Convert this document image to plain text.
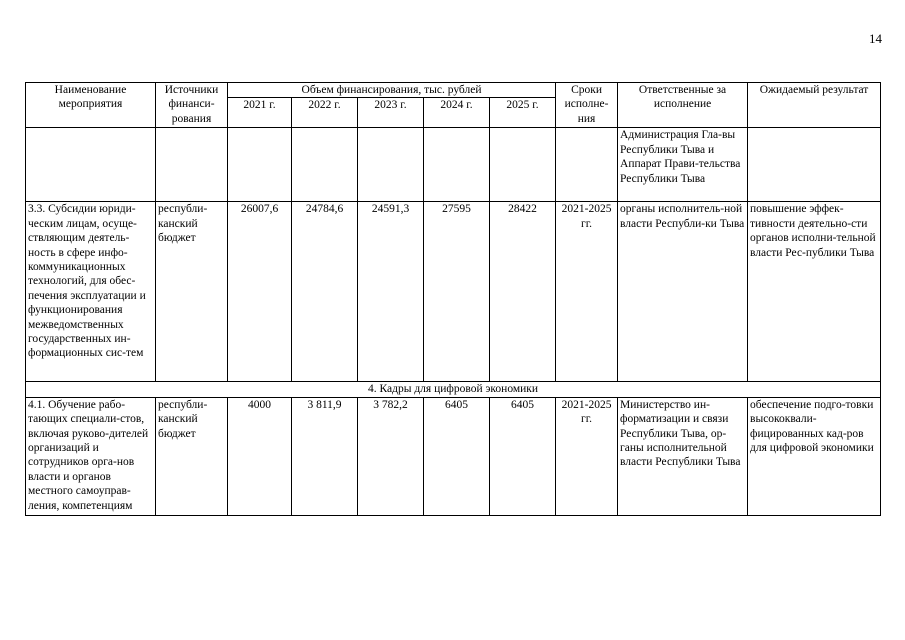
14
Наименование мероприятия	Источники финанси-рования	Объем финансирования, тыс. рублей					Сроки исполне-ния	Ответственные за исполнение	Ожидаемый результат
		2021 г.	2022 г.	2023 г.	2024 г.	2025 г.			
								Администрация Гла-вы Республики Тыва и Аппарат Прави-тельства Республики Тыва	
3.3. Субсидии юриди-ческим лицам, осуще-ствляющим деятель-ность в сфере инфо-коммуникационных технологий, для обес-печения эксплуатации и функционирования межведомственных государственных ин-формационных сис-тем	республи-канский бюджет	26007,6	24784,6	24591,3	27595	28422	2021-2025 гг.	органы исполнитель-ной власти Республи-ки Тыва	повышение эффек-тивности деятельно-сти органов исполни-тельной власти Рес-публики Тыва
4. Кадры для цифровой экономики									
4.1. Обучение рабо-тающих специали-стов, включая руково-дителей организаций и сотрудников орга-нов власти и органов местного самоуправ-ления, компетенциям	республи-канский бюджет	4000	3 811,9	3 782,2	6405	6405	2021-2025 гг.	Министерство ин-форматизации и связи Республики Тыва, ор-ганы исполнительной власти Республики Тыва	обеспечение подго-товки высококвали-фицированных кад-ров для цифровой экономики
